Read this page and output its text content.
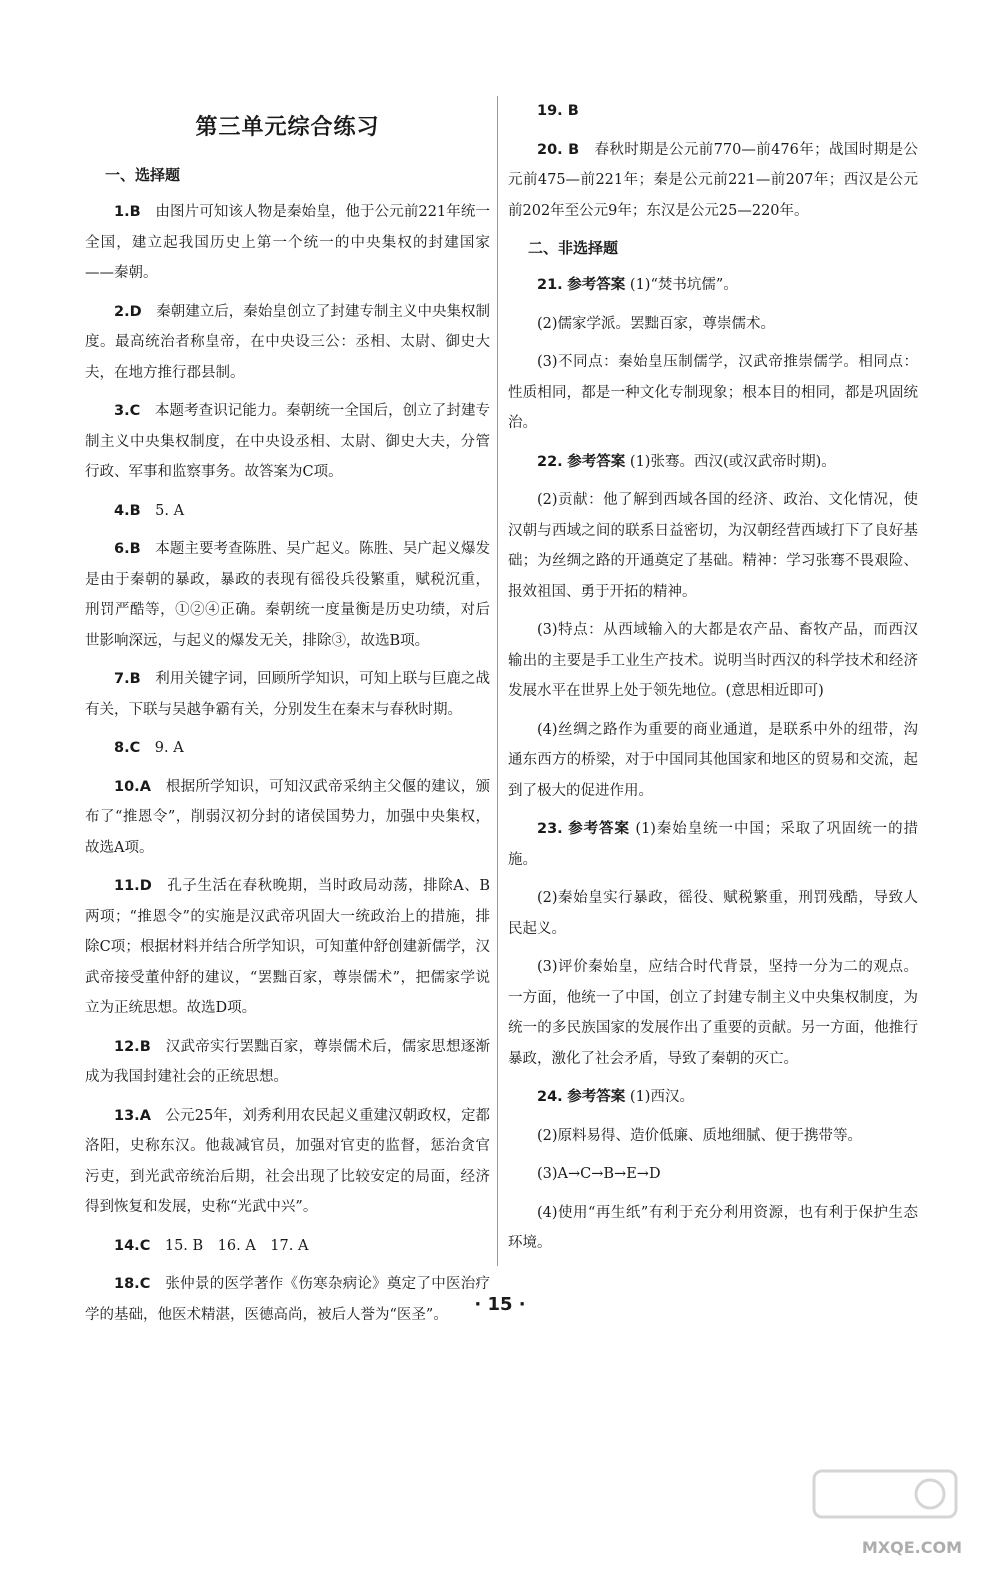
第三单元综合练习
一、选择题

1.B　 由图片可知该人物是秦始皇，他于公元前221年统一全国，建立起我国历史上第一个统一的中央集权的封建国家——秦朝。

2.D　 秦朝建立后，秦始皇创立了封建专制主义中央集权制度。最高统治者称皇帝，在中央设三公：丞相、太尉、御史大夫，在地方推行郡县制。

3.C　 本题考查识记能力。秦朝统一全国后，创立了封建专制主义中央集权制度，在中央设丞相、太尉、御史大夫，分管行政、军事和监察事务。故答案为C项。

4.B　 5. A

6.B　 本题主要考查陈胜、吴广起义。陈胜、吴广起义爆发是由于秦朝的暴政，暴政的表现有徭役兵役繁重，赋税沉重，刑罚严酷等，①②④正确。秦朝统一度量衡是历史功绩，对后世影响深远，与起义的爆发无关，排除③，故选B项。

7.B　 利用关键字词，回顾所学知识，可知上联与巨鹿之战有关，下联与吴越争霸有关，分别发生在秦末与春秋时期。

8.C　 9. A

10.A　 根据所学知识，可知汉武帝采纳主父偃的建议，颁布了“推恩令”，削弱汉初分封的诸侯国势力，加强中央集权，故选A项。

11.D　 孔子生活在春秋晚期，当时政局动荡，排除A、B两项；“推恩令”的实施是汉武帝巩固大一统政治上的措施，排除C项；根据材料并结合所学知识，可知董仲舒创建新儒学，汉武帝接受董仲舒的建议，“罢黜百家，尊崇儒术”，把儒家学说立为正统思想。故选D项。

12.B　 汉武帝实行罢黜百家，尊崇儒术后，儒家思想逐渐成为我国封建社会的正统思想。

13.A　 公元25年，刘秀利用农民起义重建汉朝政权，定都洛阳，史称东汉。他裁减官员，加强对官吏的监督，惩治贪官污吏，到光武帝统治后期，社会出现了比较安定的局面，经济得到恢复和发展，史称“光武中兴”。

14.C　 15. B　16. A　17. A

18.C　 张仲景的医学著作《伤寒杂病论》奠定了中医治疗学的基础，他医术精湛，医德高尚，被后人誉为“医圣”。

19. B

20. B　 春秋时期是公元前770—前476年；战国时期是公元前475—前221年；秦是公元前221—前207年；西汉是公元前202年至公元9年；东汉是公元25—220年。

二、非选择题

21. 参考答案 (1)“焚书坑儒”。

(2)儒家学派。罢黜百家，尊崇儒术。

(3)不同点：秦始皇压制儒学，汉武帝推崇儒学。相同点：性质相同，都是一种文化专制现象；根本目的相同，都是巩固统治。

22. 参考答案 (1)张骞。西汉(或汉武帝时期)。

(2)贡献：他了解到西域各国的经济、政治、文化情况，使汉朝与西域之间的联系日益密切，为汉朝经营西域打下了良好基础；为丝绸之路的开通奠定了基础。精神：学习张骞不畏艰险、报效祖国、勇于开拓的精神。

(3)特点：从西域输入的大都是农产品、畜牧产品，而西汉输出的主要是手工业生产技术。说明当时西汉的科学技术和经济发展水平在世界上处于领先地位。(意思相近即可)

(4)丝绸之路作为重要的商业通道，是联系中外的纽带，沟通东西方的桥梁，对于中国同其他国家和地区的贸易和交流，起到了极大的促进作用。

23. 参考答案 (1)秦始皇统一中国；采取了巩固统一的措施。

(2)秦始皇实行暴政，徭役、赋税繁重，刑罚残酷，导致人民起义。

(3)评价秦始皇，应结合时代背景，坚持一分为二的观点。一方面，他统一了中国，创立了封建专制主义中央集权制度，为统一的多民族国家的发展作出了重要的贡献。另一方面，他推行暴政，激化了社会矛盾，导致了秦朝的灭亡。

24. 参考答案 (1)西汉。

(2)原料易得、造价低廉、质地细腻、便于携带等。

(3)A→C→B→E→D

(4)使用“再生纸”有利于充分利用资源，也有利于保护生态环境。

· 15 ·
MXQE.COM
